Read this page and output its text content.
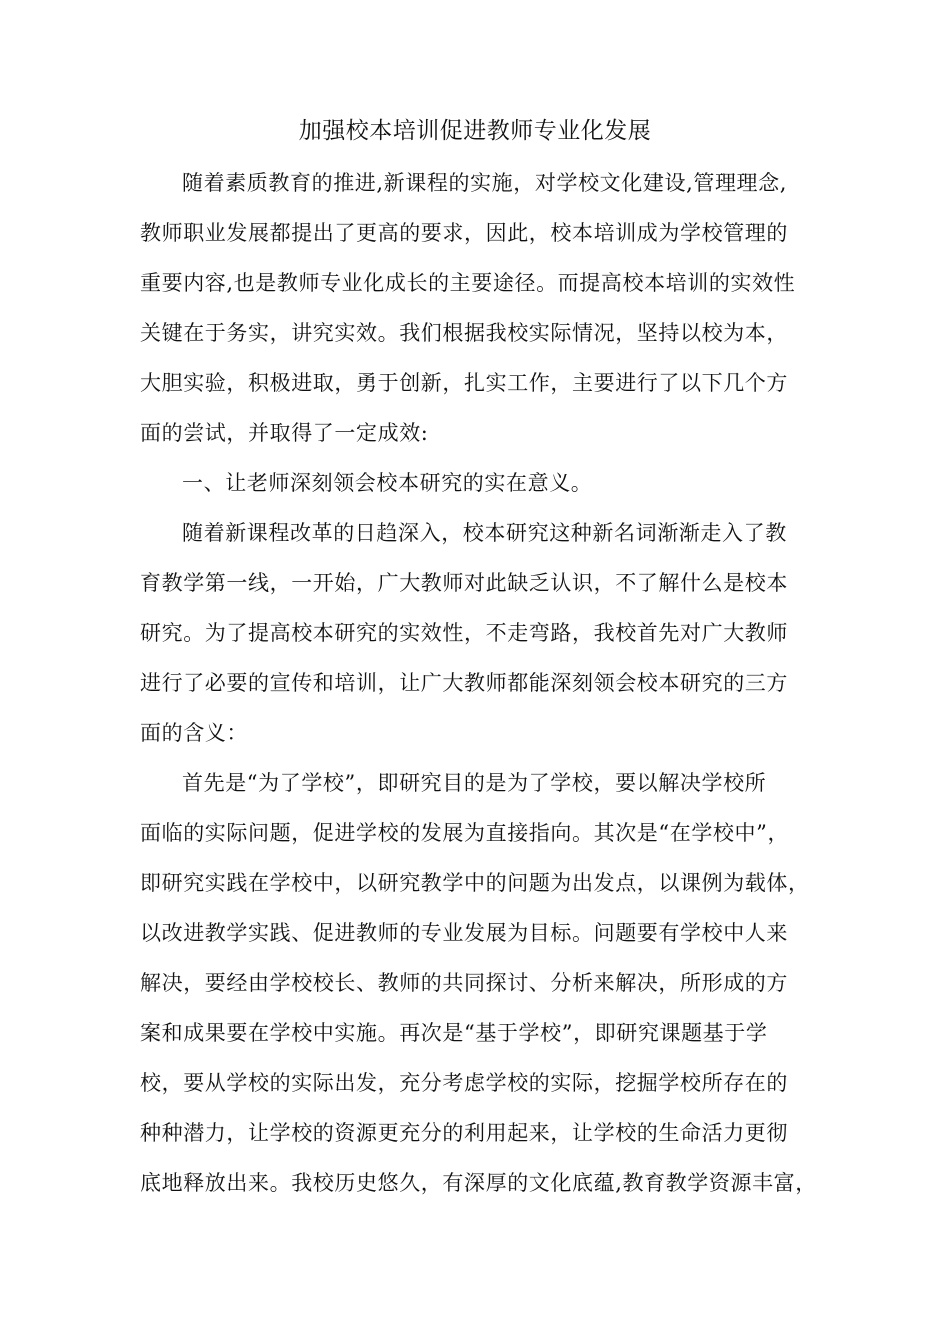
加强校本培训促进教师专业化发展
随着素质教育的推进,新课程的实施，对学校文化建设,管理理念,
教师职业发展都提出了更高的要求，因此，校本培训成为学校管理的
重要内容,也是教师专业化成长的主要途径。而提高校本培训的实效性
关键在于务实，讲究实效。我们根据我校实际情况，坚持以校为本，
大胆实验，积极进取，勇于创新，扎实工作，主要进行了以下几个方
面的尝试，并取得了一定成效:
一、让老师深刻领会校本研究的实在意义。
随着新课程改革的日趋深入，校本研究这种新名词渐渐走入了教
育教学第一线，一开始，广大教师对此缺乏认识，不了解什么是校本
研究。为了提高校本研究的实效性，不走弯路，我校首先对广大教师
进行了必要的宣传和培训，让广大教师都能深刻领会校本研究的三方
面的含义：
首先是“为了学校”，即研究目的是为了学校，要以解决学校所
面临的实际问题，促进学校的发展为直接指向。其次是“在学校中”，
即研究实践在学校中，以研究教学中的问题为出发点，以课例为载体，
以改进教学实践、促进教师的专业发展为目标。问题要有学校中人来
解决，要经由学校校长、教师的共同探讨、分析来解决，所形成的方
案和成果要在学校中实施。再次是“基于学校”，即研究课题基于学
校，要从学校的实际出发，充分考虑学校的实际，挖掘学校所存在的
种种潜力，让学校的资源更充分的利用起来，让学校的生命活力更彻
底地释放出来。我校历史悠久，有深厚的文化底蕴,教育教学资源丰富，
